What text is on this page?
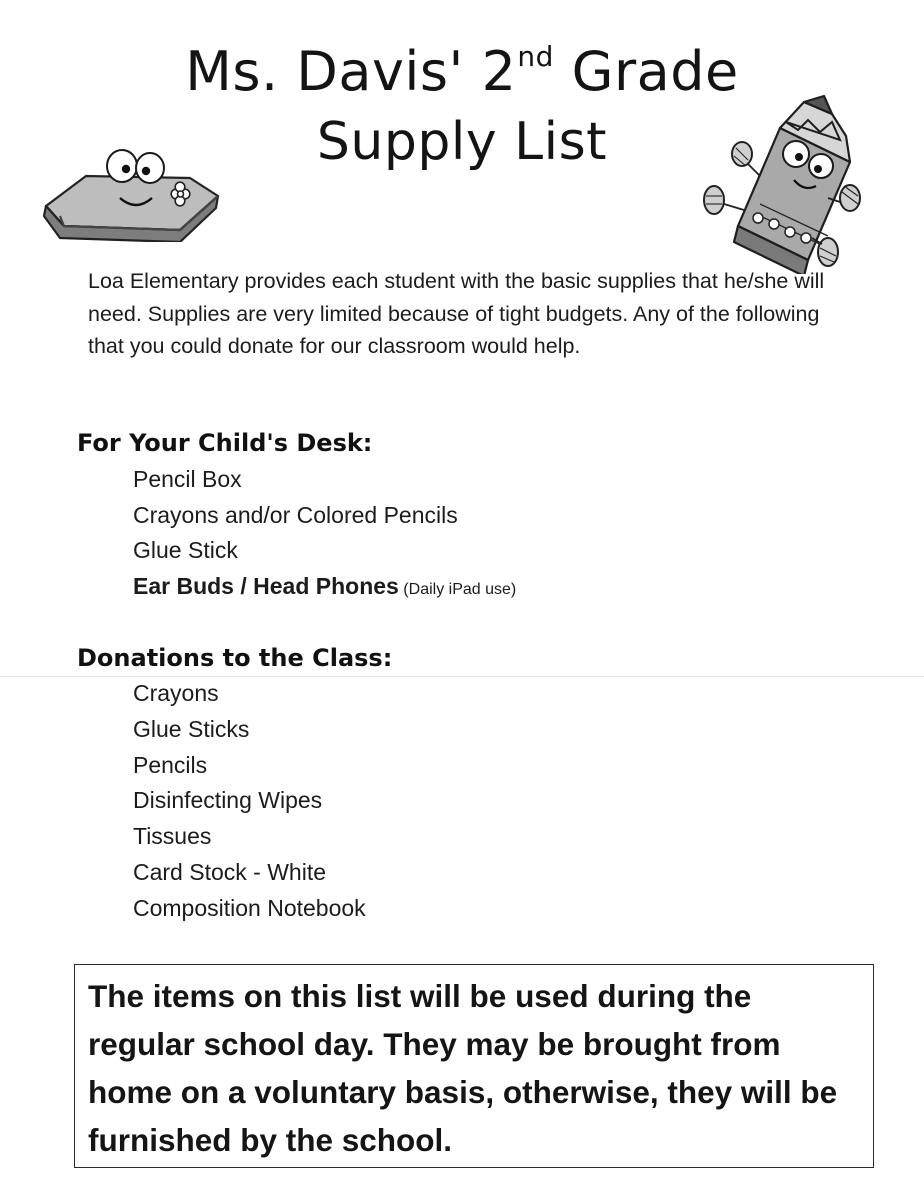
Ms. Davis' 2nd Grade
Supply List
Loa Elementary provides each student with the basic supplies that he/she will need. Supplies are very limited because of tight budgets. Any of the following that you could donate for our classroom would help.
For Your Child's Desk:
Pencil Box
Crayons and/or Colored Pencils
Glue Stick
Ear Buds / Head Phones (Daily iPad use)
Donations to the Class:
Crayons
Glue Sticks
Pencils
Disinfecting Wipes
Tissues
Card Stock - White
Composition Notebook
The items on this list will be used during the regular school day. They may be brought from home on a voluntary basis, otherwise, they will be furnished by the school.
